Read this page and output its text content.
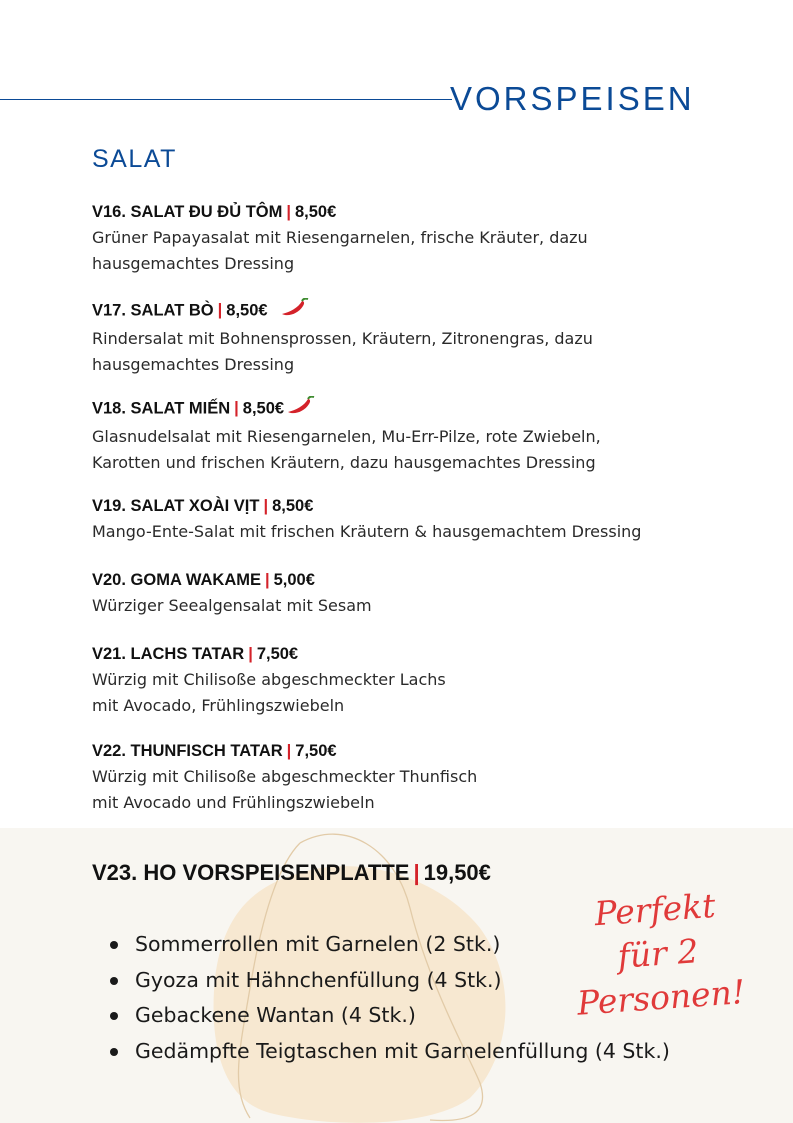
VORSPEISEN
SALAT
V16. SALAT ĐU ĐỦ TÔM | 8,50€
Grüner Papayasalat mit Riesengarnelen, frische Kräuter, dazu
hausgemachtes Dressing
V17. SALAT BÒ | 8,50€
Rindersalat mit Bohnensprossen, Kräutern, Zitronengras, dazu
hausgemachtes Dressing
V18. SALAT MIẾN | 8,50€
Glasnudelsalat mit Riesengarnelen, Mu-Err-Pilze, rote Zwiebeln,
Karotten und frischen Kräutern, dazu hausgemachtes Dressing
V19. SALAT XOÀI VỊT | 8,50€
Mango-Ente-Salat mit frischen Kräutern & hausgemachtem Dressing
V20. GOMA WAKAME | 5,00€
Würziger Seealgensalat mit Sesam
V21. LACHS TATAR | 7,50€
Würzig mit Chilisoße abgeschmeckter Lachs
mit Avocado, Frühlingszwiebeln
V22. THUNFISCH TATAR | 7,50€
Würzig mit Chilisoße abgeschmeckter Thunfisch
mit Avocado und Frühlingszwiebeln
V23. HO VORSPEISENPLATTE | 19,50€
Sommerrollen mit Garnelen (2 Stk.)
Gyoza mit Hähnchenfüllung (4 Stk.)
Gebackene Wantan (4 Stk.)
Gedämpfte Teigtaschen mit Garnelenfüllung (4 Stk.)
Perfekt
für 2
Personen!
